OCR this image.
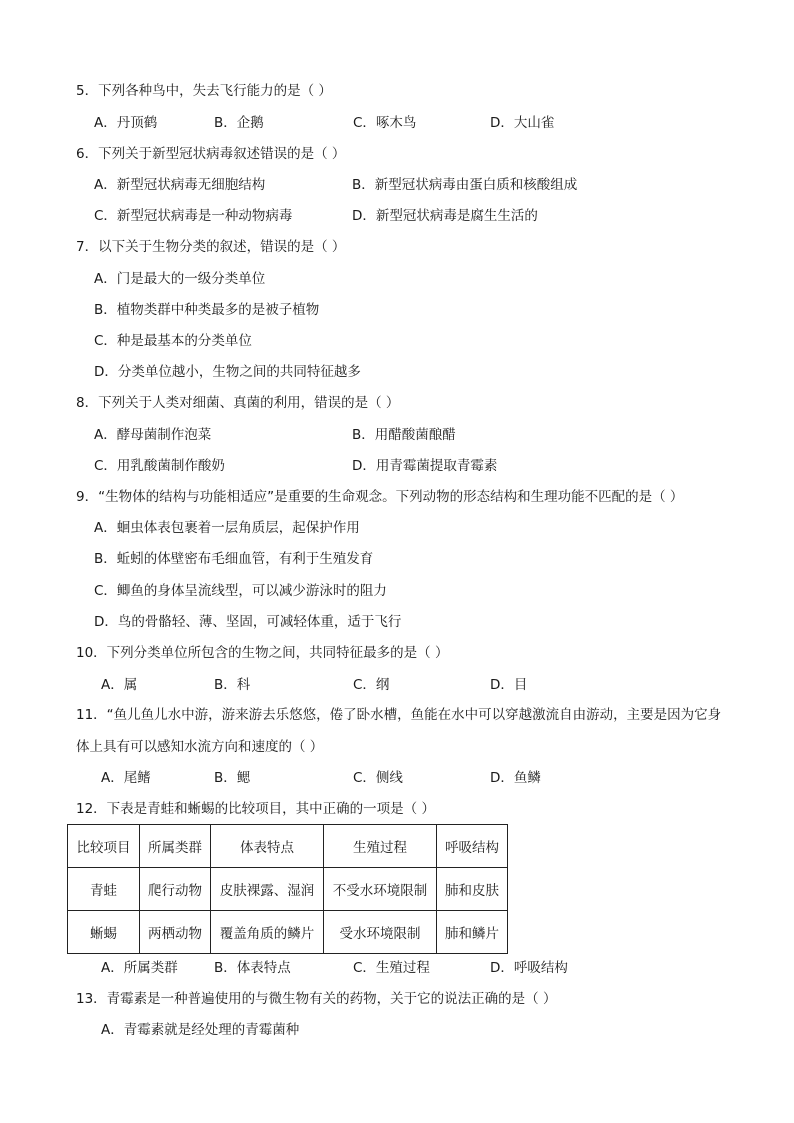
5．下列各种鸟中，失去飞行能力的是（ ）
A．丹顶鹤	B．企鹅	C．啄木鸟	D．大山雀
6．下列关于新型冠状病毒叙述错误的是（ ）
A．新型冠状病毒无细胞结构	B．新型冠状病毒由蛋白质和核酸组成
C．新型冠状病毒是一种动物病毒	D．新型冠状病毒是腐生生活的
7．以下关于生物分类的叙述，错误的是（ ）
A．门是最大的一级分类单位
B．植物类群中种类最多的是被子植物
C．种是最基本的分类单位
D．分类单位越小，生物之间的共同特征越多
8．下列关于人类对细菌、真菌的利用，错误的是（ ）
A．酵母菌制作泡菜	B．用醋酸菌酿醋
C．用乳酸菌制作酸奶	D．用青霉菌提取青霉素
9．“生物体的结构与功能相适应”是重要的生命观念。下列动物的形态结构和生理功能不匹配的是（ ）
A．蛔虫体表包裹着一层角质层，起保护作用
B．蚯蚓的体壁密布毛细血管，有利于生殖发育
C．鲫鱼的身体呈流线型，可以减少游泳时的阻力
D．鸟的骨骼轻、薄、坚固，可减轻体重，适于飞行
10．下列分类单位所包含的生物之间，共同特征最多的是（ ）
A．属	B．科	C．纲	D．目
11．“鱼儿鱼儿水中游，游来游去乐悠悠，倦了卧水槽，鱼能在水中可以穿越激流自由游动，主要是因为它身
体上具有可以感知水流方向和速度的（ ）
A．尾鳍	B．鳃	C．侧线	D．鱼鳞
12．下表是青蛙和蜥蜴的比较项目，其中正确的一项是（ ）
比较项目	所属类群	体表特点	生殖过程	呼吸结构
青蛙	爬行动物	皮肤裸露、湿润	不受水环境限制	肺和皮肤
蜥蜴	两栖动物	覆盖角质的鳞片	受水环境限制	肺和鳞片
A．所属类群	B．体表特点	C．生殖过程	D．呼吸结构
13．青霉素是一种普遍使用的与微生物有关的药物，关于它的说法正确的是（ ）
A．青霉素就是经处理的青霉菌种
